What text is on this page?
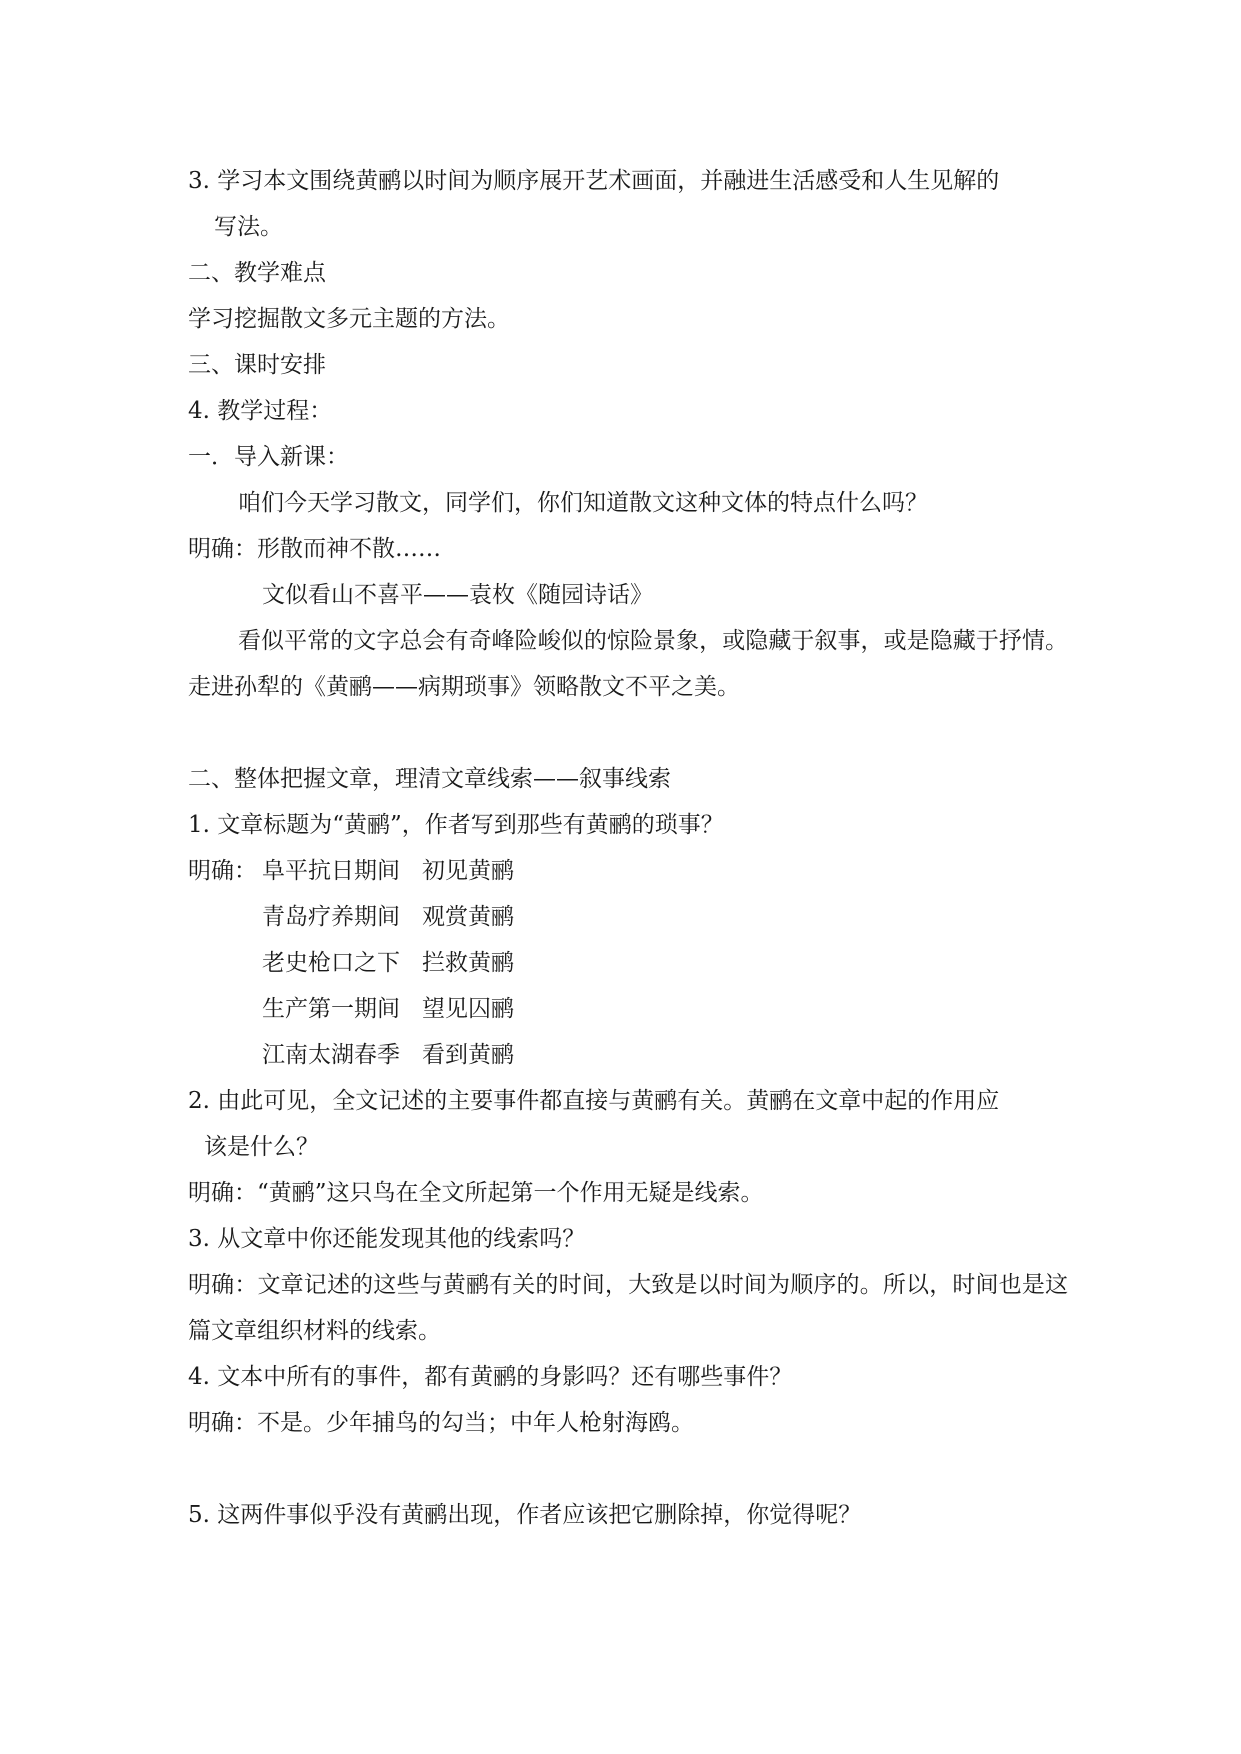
3. 学习本文围绕黄鹂以时间为顺序展开艺术画面，并融进生活感受和人生见解的

写法。

二、教学难点

学习挖掘散文多元主题的方法。

三、课时安排

4. 教学过程：

一．导入新课：

咱们今天学习散文，同学们，你们知道散文这种文体的特点什么吗？

明确：形散而神不散……

文似看山不喜平——袁枚《随园诗话》

看似平常的文字总会有奇峰险峻似的惊险景象，或隐藏于叙事，或是隐藏于抒情。走进孙犁的《黄鹂——病期琐事》领略散文不平之美。

二、整体把握文章，理清文章线索——叙事线索

1. 文章标题为“黄鹂”，作者写到那些有黄鹂的琐事？

明确： 阜平抗日期间 初见黄鹂
青岛疗养期间 观赏黄鹂
老史枪口之下 拦救黄鹂
生产第一期间 望见囚鹂
江南太湖春季 看到黄鹂

2. 由此可见，全文记述的主要事件都直接与黄鹂有关。黄鹂在文章中起的作用应

该是什么？

明确：“黄鹂”这只鸟在全文所起第一个作用无疑是线索。

3. 从文章中你还能发现其他的线索吗？

明确：文章记述的这些与黄鹂有关的时间，大致是以时间为顺序的。所以，时间也是这篇文章组织材料的线索。

4. 文本中所有的事件，都有黄鹂的身影吗？还有哪些事件？

明确：不是。少年捕鸟的勾当；中年人枪射海鸥。

5. 这两件事似乎没有黄鹂出现，作者应该把它删除掉，你觉得呢？
